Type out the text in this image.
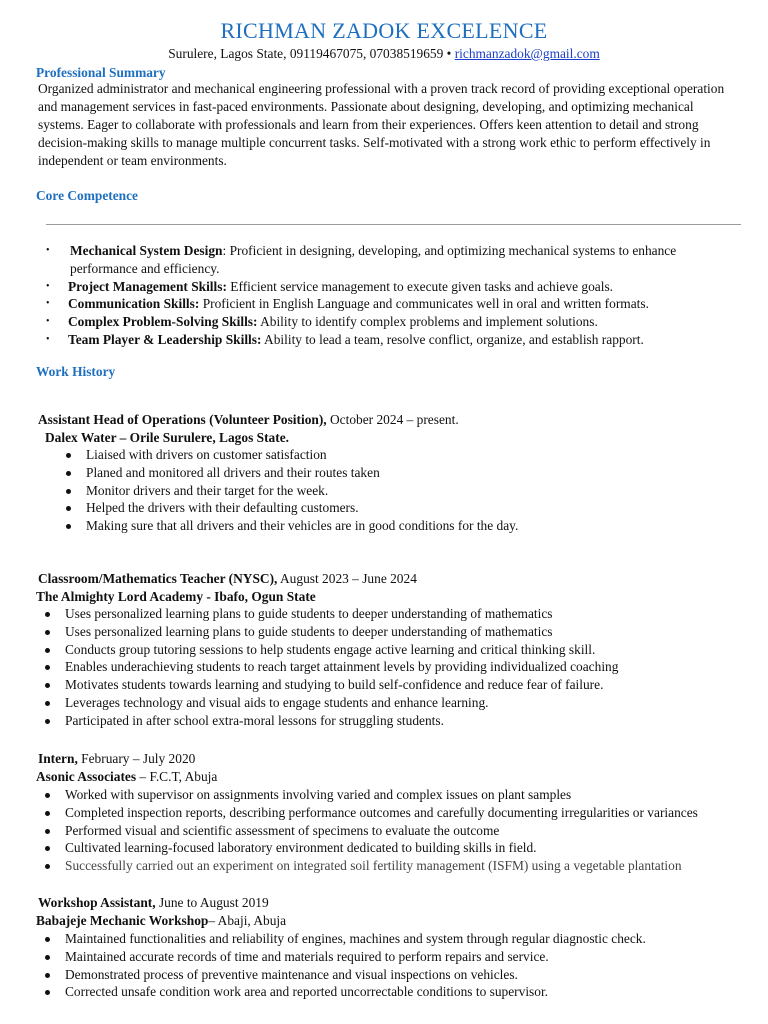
RICHMAN ZADOK EXCELENCE
Surulere, Lagos State, 09119467075, 07038519659 • richmanzadok@gmail.com
Professional Summary
Organized administrator and mechanical engineering professional with a proven track record of providing exceptional operation and management services in fast-paced environments. Passionate about designing, developing, and optimizing mechanical systems. Eager to collaborate with professionals and learn from their experiences. Offers keen attention to detail and strong decision-making skills to manage multiple concurrent tasks. Self-motivated with a strong work ethic to perform effectively in independent or team environments.
Core Competence
• Mechanical System Design: Proficient in designing, developing, and optimizing mechanical systems to enhance performance and efficiency.
• Project Management Skills: Efficient service management to execute given tasks and achieve goals.
• Communication Skills: Proficient in English Language and communicates well in oral and written formats.
• Complex Problem-Solving Skills: Ability to identify complex problems and implement solutions.
• Team Player & Leadership Skills: Ability to lead a team, resolve conflict, organize, and establish rapport.
Work History
Assistant Head of Operations (Volunteer Position), October 2024 – present.
Dalex Water – Orile Surulere, Lagos State.
Liaised with drivers on customer satisfaction
Planed and monitored all drivers and their routes taken
Monitor drivers and their target for the week.
Helped the drivers with their defaulting customers.
Making sure that all drivers and their vehicles are in good conditions for the day.
Classroom/Mathematics Teacher (NYSC), August 2023 – June 2024
The Almighty Lord Academy - Ibafo, Ogun State
Uses personalized learning plans to guide students to deeper understanding of mathematics
Uses personalized learning plans to guide students to deeper understanding of mathematics
Conducts group tutoring sessions to help students engage active learning and critical thinking skill.
Enables underachieving students to reach target attainment levels by providing individualized coaching
Motivates students towards learning and studying to build self-confidence and reduce fear of failure.
Leverages technology and visual aids to engage students and enhance learning.
Participated in after school extra-moral lessons for struggling students.
Intern, February – July 2020
Asonic Associates – F.C.T, Abuja
Worked with supervisor on assignments involving varied and complex issues on plant samples
Completed inspection reports, describing performance outcomes and carefully documenting irregularities or variances
Performed visual and scientific assessment of specimens to evaluate the outcome
Cultivated learning-focused laboratory environment dedicated to building skills in field.
Successfully carried out an experiment on integrated soil fertility management (ISFM) using a vegetable plantation
Workshop Assistant, June to August 2019
Babajeje Mechanic Workshop– Abaji, Abuja
Maintained functionalities and reliability of engines, machines and system through regular diagnostic check.
Maintained accurate records of time and materials required to perform repairs and service.
Demonstrated process of preventive maintenance and visual inspections on vehicles.
Corrected unsafe condition work area and reported uncorrectable conditions to supervisor.
